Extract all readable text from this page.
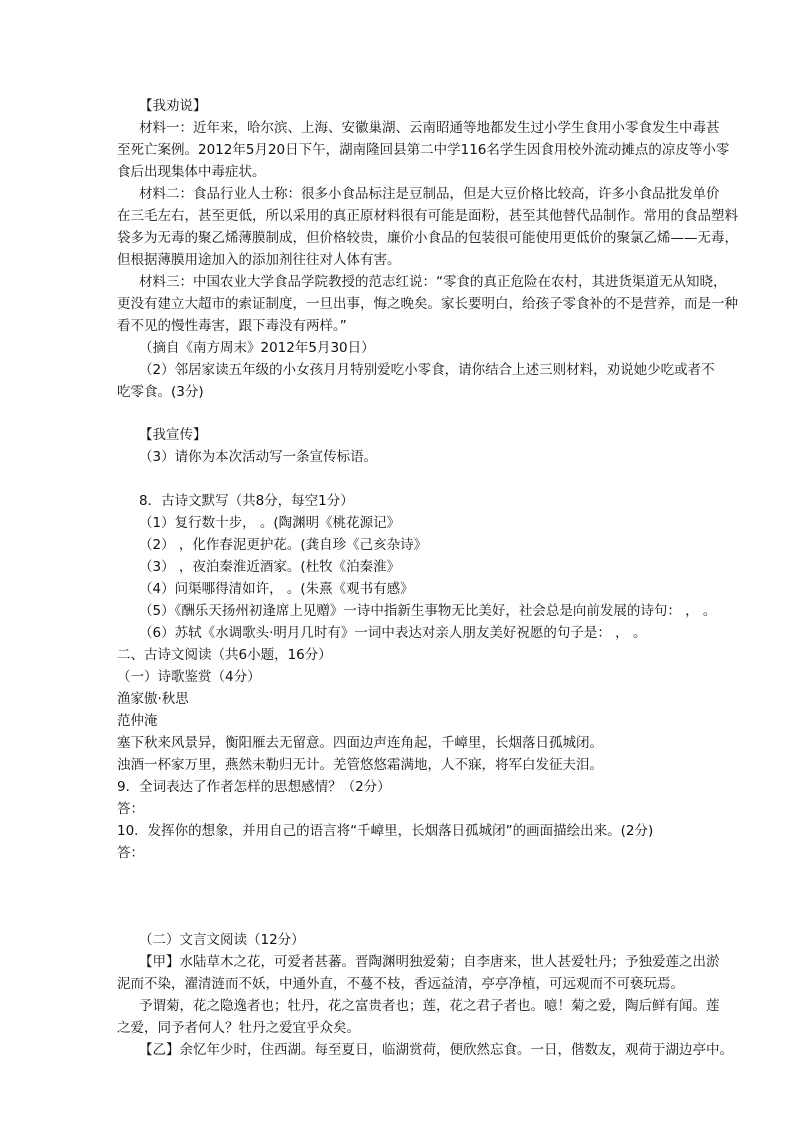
【我劝说】
材料一：近年来，哈尔滨、上海、安徽巢湖、云南昭通等地都发生过小学生食用小零食发生中毒甚
至死亡案例。2012年5月20日下午，湖南隆回县第二中学116名学生因食用校外流动摊点的凉皮等小零
食后出现集体中毒症状。
材料二：食品行业人士称：很多小食品标注是豆制品，但是大豆价格比较高，许多小食品批发单价
在三毛左右，甚至更低，所以采用的真正原材料很有可能是面粉，甚至其他替代品制作。常用的食品塑料
袋多为无毒的聚乙烯薄膜制成，但价格较贵，廉价小食品的包装很可能使用更低价的聚氯乙烯——无毒，
但根据薄膜用途加入的添加剂往往对人体有害。
材料三：中国农业大学食品学院教授的范志红说：“零食的真正危险在农村，其进货渠道无从知晓，
更没有建立大超市的索证制度，一旦出事，悔之晚矣。家长要明白，给孩子零食补的不是营养，而是一种
看不见的慢性毒害，跟下毒没有两样。”
（摘自《南方周末》2012年5月30日）
（2）邻居家读五年级的小女孩月月特别爱吃小零食，请你结合上述三则材料，劝说她少吃或者不
吃零食。(3分)
【我宣传】
（3）请你为本次活动写一条宣传标语。
8．古诗文默写（共8分，每空1分）
（1）复行数十步， 。(陶渊明《桃花源记》
（2） ，化作春泥更护花。(龚自珍《己亥杂诗》
（3） ，夜泊秦淮近酒家。(杜牧《泊秦淮》
（4）问渠哪得清如许， 。(朱熹《观书有感》
（5）《酬乐天扬州初逢席上见赠》一诗中指新生事物无比美好，社会总是向前发展的诗句： ， 。
（6）苏轼《水调歌头·明月几时有》一词中表达对亲人朋友美好祝愿的句子是： ， 。
二、古诗文阅读（共6小题，16分）
（一）诗歌鉴赏（4分）
渔家傲·秋思
范仲淹
塞下秋来风景异，衡阳雁去无留意。四面边声连角起，千嶂里，长烟落日孤城闭。
浊酒一杯家万里，燕然未勒归无计。羌管悠悠霜满地，人不寐，将军白发征夫泪。
9．全词表达了作者怎样的思想感情？（2分）
答：
10．发挥你的想象，并用自己的语言将“千嶂里，长烟落日孤城闭”的画面描绘出来。(2分)
答：
（二）文言文阅读（12分）
【甲】水陆草木之花，可爱者甚蕃。晋陶渊明独爱菊；自李唐来，世人甚爱牡丹；予独爱莲之出淤
泥而不染，濯清涟而不妖，中通外直，不蔓不枝，香远益清，亭亭净植，可远观而不可亵玩焉。
予谓菊，花之隐逸者也；牡丹，花之富贵者也；莲，花之君子者也。噫！菊之爱，陶后鲜有闻。莲
之爱，同予者何人？牡丹之爱宜乎众矣。
【乙】余忆年少时，住西湖。每至夏日，临湖赏荷，便欣然忘食。一日，偕数友，观荷于湖边亭中。
